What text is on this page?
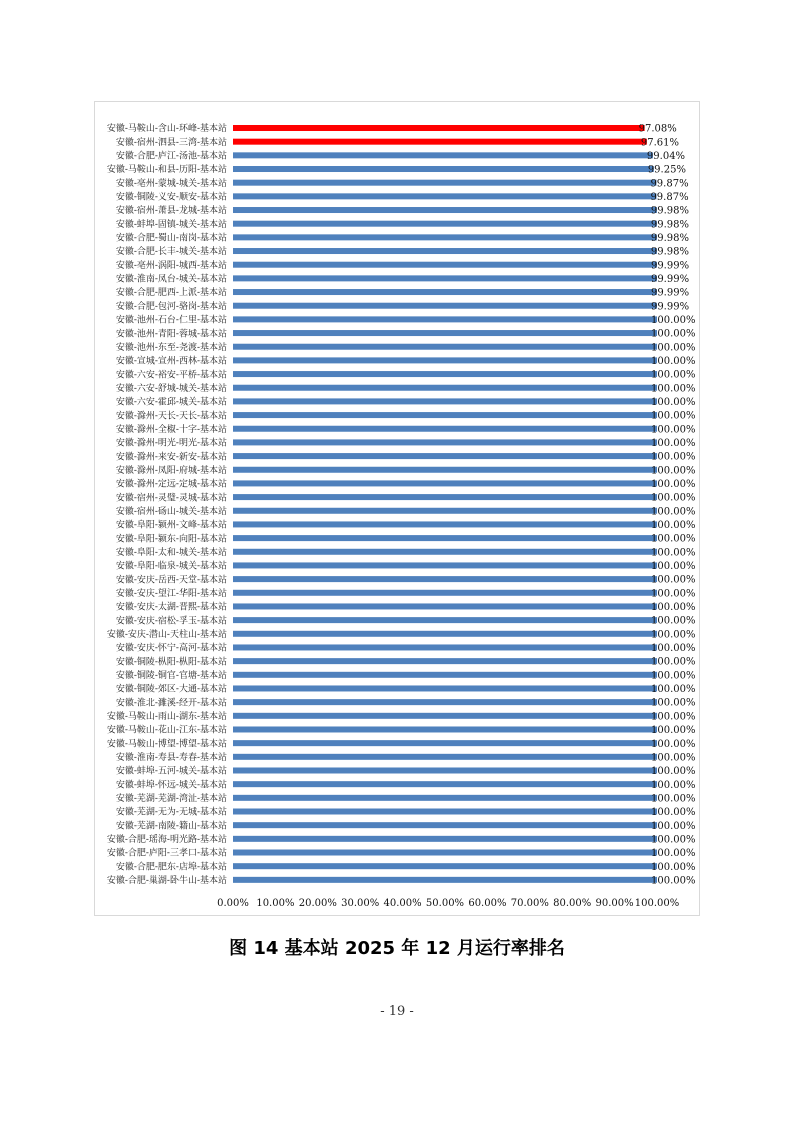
安徽-马鞍山-含山-环峰-基本站	97.08%
安徽-宿州-泗县-三湾-基本站	97.61%
安徽-合肥-庐江-汤池-基本站	99.04%
安徽-马鞍山-和县-历阳-基本站	99.25%
安徽-亳州-蒙城-城关-基本站	99.87%
安徽-铜陵-义安-顺安-基本站	99.87%
安徽-宿州-萧县-龙城-基本站	99.98%
安徽-蚌埠-固镇-城关-基本站	99.98%
安徽-合肥-蜀山-南岗-基本站	99.98%
安徽-合肥-长丰-城关-基本站	99.98%
安徽-亳州-涡阳-城西-基本站	99.99%
安徽-淮南-凤台-城关-基本站	99.99%
安徽-合肥-肥西-上派-基本站	99.99%
安徽-合肥-包河-骆岗-基本站	99.99%
安徽-池州-石台-仁里-基本站	100.00%
安徽-池州-青阳-蓉城-基本站	100.00%
安徽-池州-东至-尧渡-基本站	100.00%
安徽-宣城-宣州-西林-基本站	100.00%
安徽-六安-裕安-平桥-基本站	100.00%
安徽-六安-舒城-城关-基本站	100.00%
安徽-六安-霍邱-城关-基本站	100.00%
安徽-滁州-天长-天长-基本站	100.00%
安徽-滁州-全椒-十字-基本站	100.00%
安徽-滁州-明光-明光-基本站	100.00%
安徽-滁州-来安-新安-基本站	100.00%
安徽-滁州-凤阳-府城-基本站	100.00%
安徽-滁州-定远-定城-基本站	100.00%
安徽-宿州-灵璧-灵城-基本站	100.00%
安徽-宿州-砀山-城关-基本站	100.00%
安徽-阜阳-颍州-文峰-基本站	100.00%
安徽-阜阳-颍东-向阳-基本站	100.00%
安徽-阜阳-太和-城关-基本站	100.00%
安徽-阜阳-临泉-城关-基本站	100.00%
安徽-安庆-岳西-天堂-基本站	100.00%
安徽-安庆-望江-华阳-基本站	100.00%
安徽-安庆-太湖-晋熙-基本站	100.00%
安徽-安庆-宿松-孚玉-基本站	100.00%
安徽-安庆-潜山-天柱山-基本站	100.00%
安徽-安庆-怀宁-高河-基本站	100.00%
安徽-铜陵-枞阳-枞阳-基本站	100.00%
安徽-铜陵-铜官-官塘-基本站	100.00%
安徽-铜陵-郊区-大通-基本站	100.00%
安徽-淮北-濉溪-经开-基本站	100.00%
安徽-马鞍山-雨山-湖东-基本站	100.00%
安徽-马鞍山-花山-江东-基本站	100.00%
安徽-马鞍山-博望-博望-基本站	100.00%
安徽-淮南-寿县-寿春-基本站	100.00%
安徽-蚌埠-五河-城关-基本站	100.00%
安徽-蚌埠-怀远-城关-基本站	100.00%
安徽-芜湖-芜湖-湾沚-基本站	100.00%
安徽-芜湖-无为-无城-基本站	100.00%
安徽-芜湖-南陵-籍山-基本站	100.00%
安徽-合肥-瑶海-明光路-基本站	100.00%
安徽-合肥-庐阳-三孝口-基本站	100.00%
安徽-合肥-肥东-店埠-基本站	100.00%
安徽-合肥-巢湖-卧牛山-基本站	100.00%
0.00% 10.00% 20.00% 30.00% 40.00% 50.00% 60.00% 70.00% 80.00% 90.00% 100.00%
图 14 基本站 2025 年 12 月运行率排名
- 19 -
